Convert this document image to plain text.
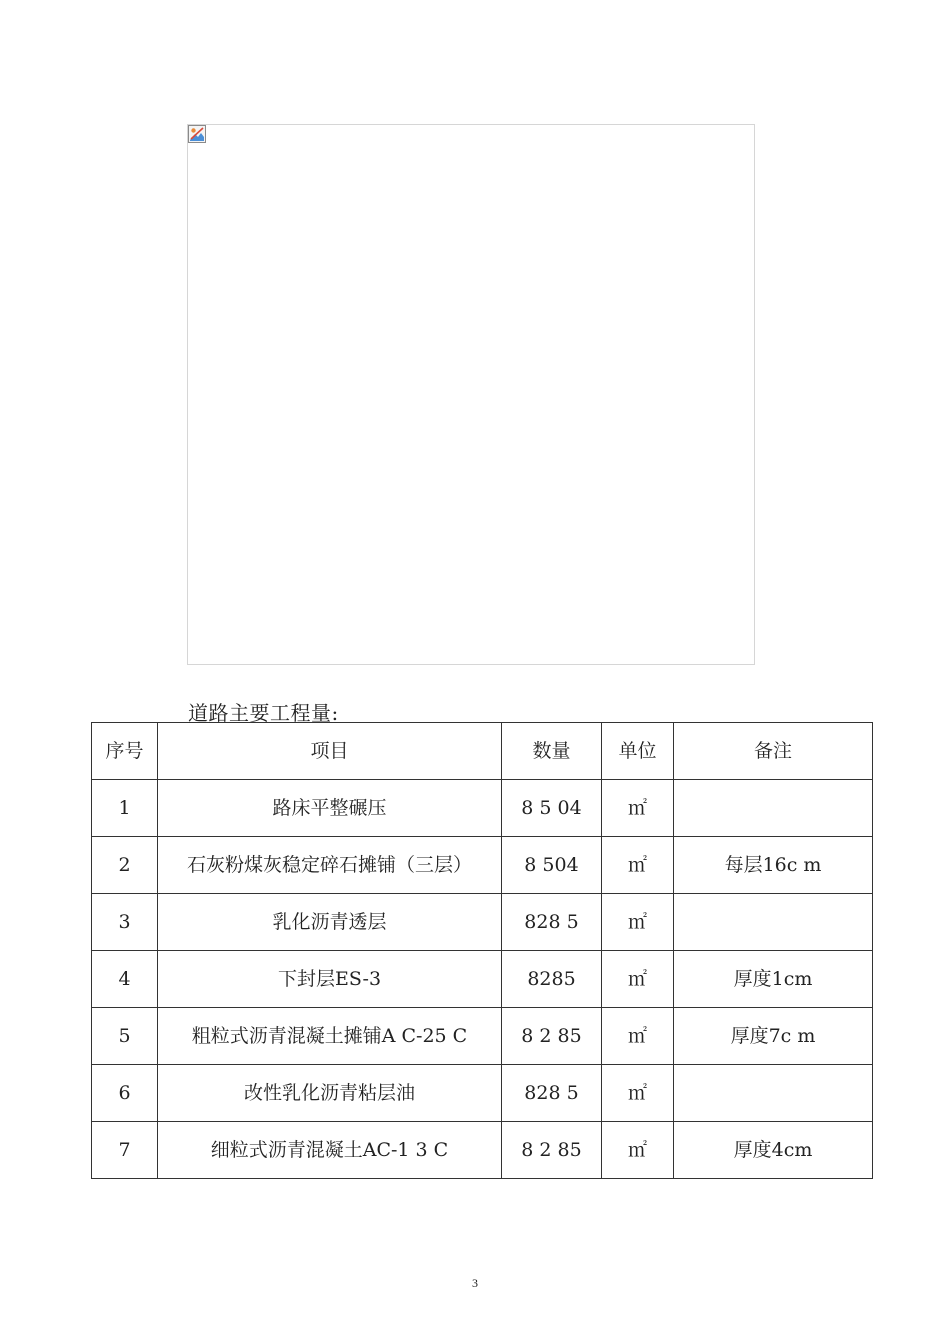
道路主要工程量:
序号	项目	数量	单位	备注
1	路床平整碾压	8 5 04	㎡	
2	石灰粉煤灰稳定碎石摊铺（三层）	8 504	㎡	每层16c m
3	乳化沥青透层	828 5	㎡	
4	下封层ES-3	8285	㎡	厚度1cm
5	粗粒式沥青混凝土摊铺A C-25 C	8 2 85	㎡	厚度7c m
6	改性乳化沥青粘层油	828 5	㎡	
7	细粒式沥青混凝土AC-1 3 C	8 2 85	㎡	厚度4cm
3
